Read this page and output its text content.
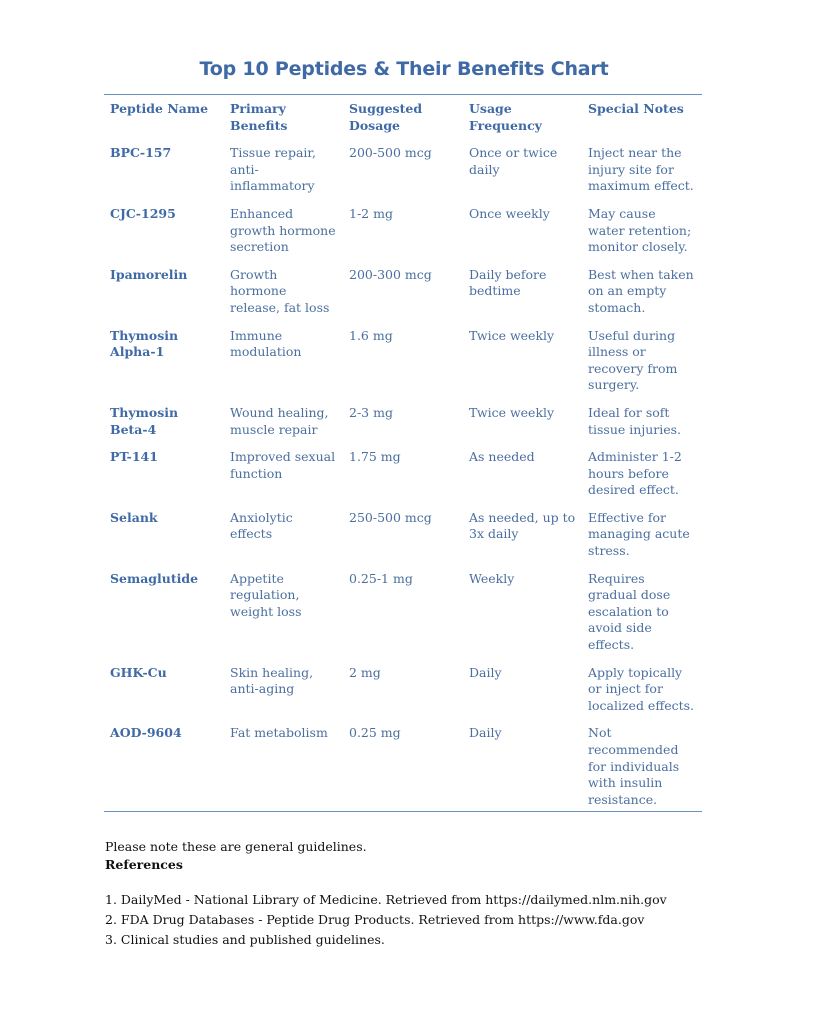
Top 10 Peptides & Their Benefits Chart
Peptide Name	Primary Benefits	Suggested Dosage	Usage Frequency	Special Notes
BPC-157	Tissue repair, anti-inflammatory	200-500 mcg	Once or twice daily	Inject near the injury site for maximum effect.
CJC-1295	Enhanced growth hormone secretion	1-2 mg	Once weekly	May cause water retention; monitor closely.
Ipamorelin	Growth hormone release, fat loss	200-300 mcg	Daily before bedtime	Best when taken on an empty stomach.
Thymosin Alpha-1	Immune modulation	1.6 mg	Twice weekly	Useful during illness or recovery from surgery.
Thymosin Beta-4	Wound healing, muscle repair	2-3 mg	Twice weekly	Ideal for soft tissue injuries.
PT-141	Improved sexual function	1.75 mg	As needed	Administer 1-2 hours before desired effect.
Selank	Anxiolytic effects	250-500 mcg	As needed, up to 3x daily	Effective for managing acute stress.
Semaglutide	Appetite regulation, weight loss	0.25-1 mg	Weekly	Requires gradual dose escalation to avoid side effects.
GHK-Cu	Skin healing, anti-aging	2 mg	Daily	Apply topically or inject for localized effects.
AOD-9604	Fat metabolism	0.25 mg	Daily	Not recommended for individuals with insulin resistance.
Please note these are general guidelines.
References
1. DailyMed - National Library of Medicine. Retrieved from https://dailymed.nlm.nih.gov
2. FDA Drug Databases - Peptide Drug Products. Retrieved from https://www.fda.gov
3. Clinical studies and published guidelines.
